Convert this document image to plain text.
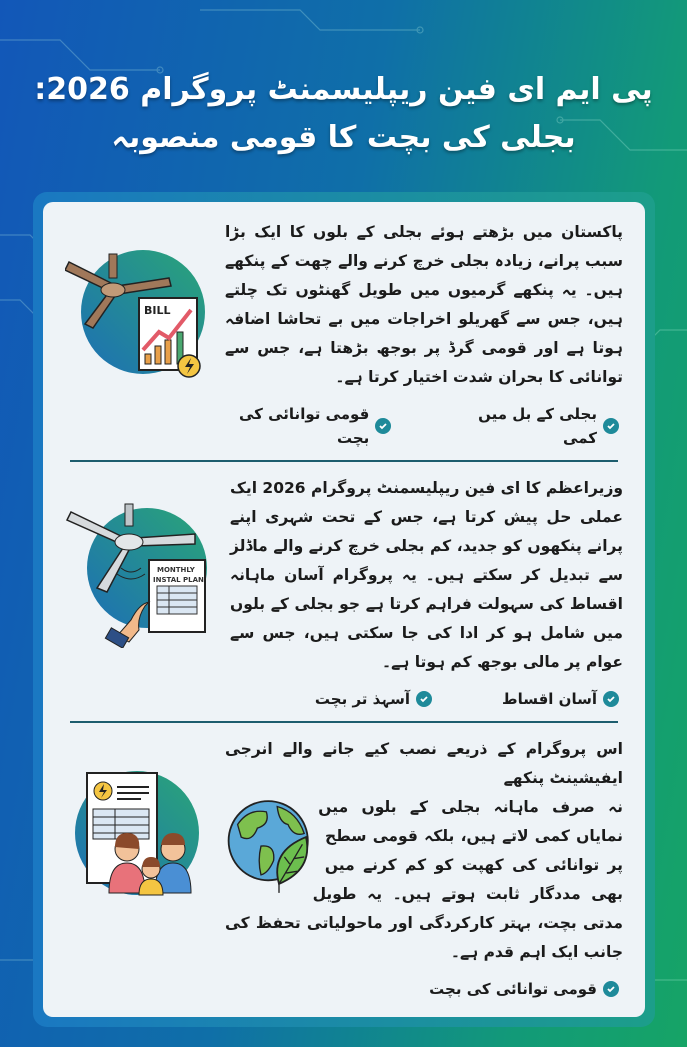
پی ایم ای فین ریپلیسمنٹ پروگرام 2026:
بجلی کی بچت کا قومی منصوبہ
BILL
پاکستان میں بڑھتے ہوئے بجلی کے بلوں کا ایک بڑا سبب پرانے، زیادہ بجلی خرچ کرنے والے چھت کے پنکھے ہیں۔ یہ پنکھے گرمیوں میں طویل گھنٹوں تک چلتے ہیں، جس سے گھریلو اخراجات میں بے تحاشا اضافہ ہوتا ہے اور قومی گرڈ پر بوجھ بڑھتا ہے، جس سے توانائی کا بحران شدت اختیار کرتا ہے۔
بجلی کے بل میں کمی
قومی توانائی کی بچت
MONTHLY
INSTAL PLAN
وزیراعظم کا ای فین ریپلیسمنٹ پروگرام 2026 ایک عملی حل پیش کرتا ہے، جس کے تحت شہری اپنے پرانے پنکھوں کو جدید، کم بجلی خرچ کرنے والے ماڈلز سے تبدیل کر سکتے ہیں۔ یہ پروگرام آسان ماہانہ اقساط کی سہولت فراہم کرتا ہے جو بجلی کے بلوں میں شامل ہو کر ادا کی جا سکتی ہیں، جس سے عوام پر مالی بوجھ کم ہوتا ہے۔
آسان اقساط
آسہذ تر بچت
اس پروگرام کے ذریعے نصب کیے جانے والے انرجی ایفیشینٹ پنکھے
نہ صرف ماہانہ بجلی کے بلوں میں نمایاں کمی لاتے ہیں، بلکہ قومی سطح پر توانائی کی کھپت کو کم کرنے میں بھی مددگار ثابت ہوتے ہیں۔ یہ طویل مدتی بچت، بہتر کارکردگی اور ماحولیاتی تحفظ کی جانب ایک اہم قدم ہے۔
قومی توانائی کی بچت
